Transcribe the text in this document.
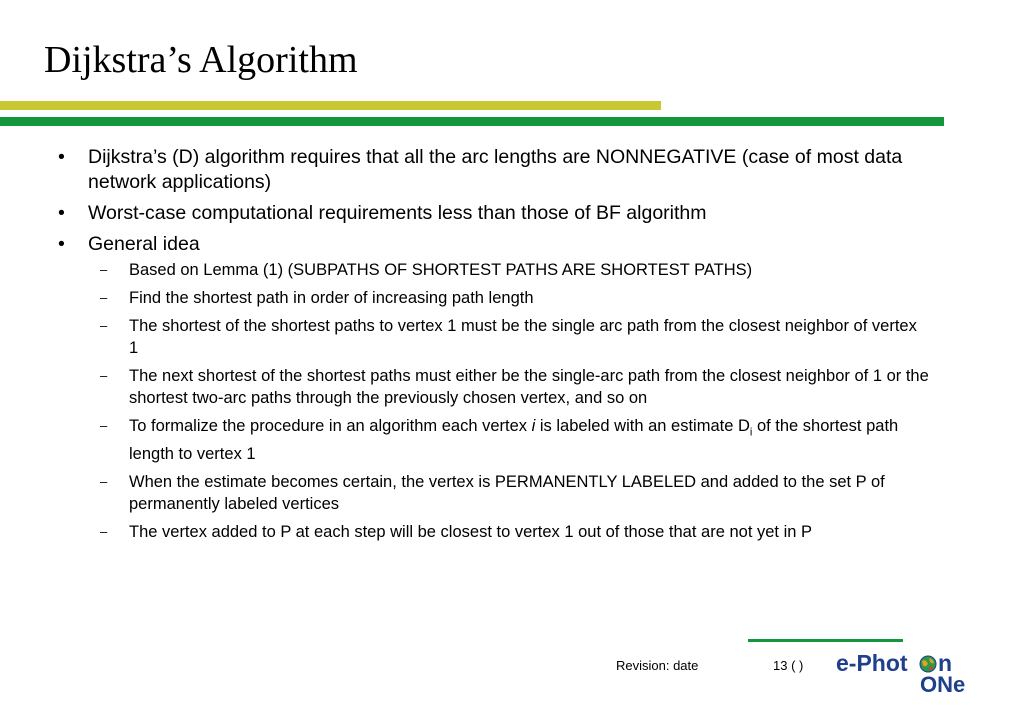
Dijkstra’s Algorithm
• Dijkstra’s (D) algorithm requires that all the arc lengths are NONNEGATIVE (case of most data network applications)
• Worst-case computational requirements less than those of BF algorithm
• General idea
– Based on Lemma (1) (SUBPATHS OF SHORTEST PATHS ARE SHORTEST PATHS)
– Find the shortest path in order of increasing path length
– The shortest of the shortest paths to vertex 1 must be the single arc path from the closest neighbor of vertex 1
– The next shortest of the shortest paths must either be the single-arc path from the closest neighbor of 1 or the shortest two-arc paths through the previously chosen vertex, and so on
– To formalize the procedure in an algorithm each vertex i is labeled with an estimate $D_i$ of the shortest path length to vertex 1
– When the estimate becomes certain, the vertex is PERMANENTLY LABELED and added to the set P of permanently labeled vertices
– The vertex added to P at each step will be closest to vertex 1 out of those that are not yet in P
Revision: date	13 ( ) e-Phot n
ONe
